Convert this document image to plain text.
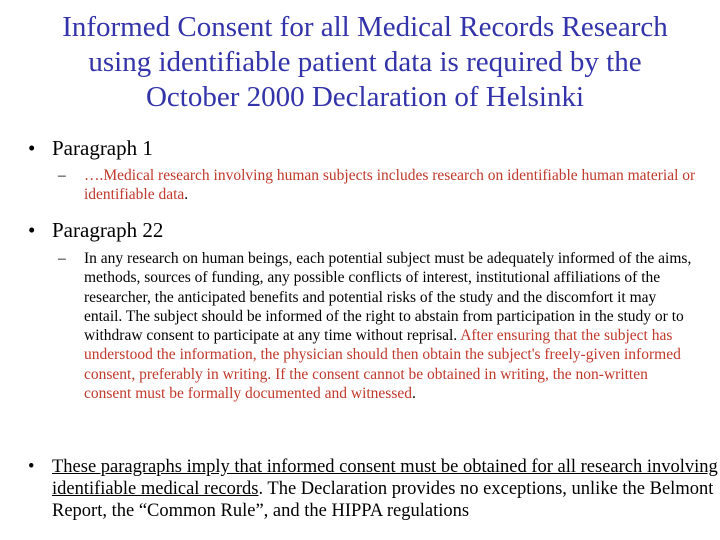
Informed Consent for all Medical Records Research
using identifiable patient data is required by the
October 2000 Declaration of Helsinki
• Paragraph 1
– ….Medical research involving human subjects includes research on identifiable human material or identifiable data.
• Paragraph 22
– In any research on human beings, each potential subject must be adequately informed of the aims, methods, sources of funding, any possible conflicts of interest, institutional affiliations of the researcher, the anticipated benefits and potential risks of the study and the discomfort it may entail. The subject should be informed of the right to abstain from participation in the study or to withdraw consent to participate at any time without reprisal. After ensuring that the subject has understood the information, the physician should then obtain the subject's freely-given informed consent, preferably in writing. If the consent cannot be obtained in writing, the non-written consent must be formally documented and witnessed.
• These paragraphs imply that informed consent must be obtained for all research involving identifiable medical records. The Declaration provides no exceptions, unlike the Belmont Report, the “Common Rule”, and the HIPPA regulations
